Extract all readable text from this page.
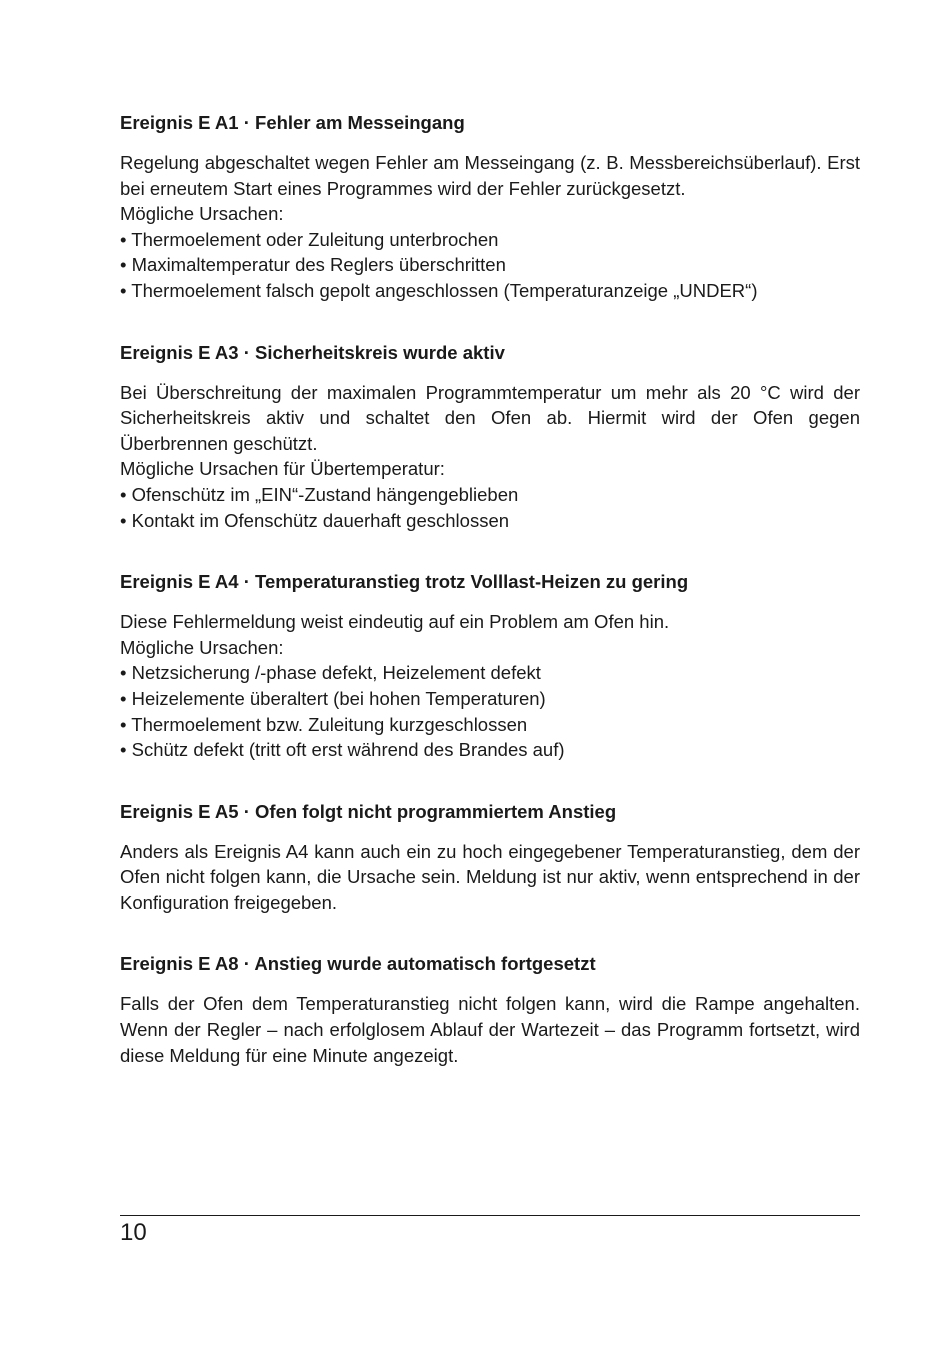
Ereignis E A1 · Fehler am Messeingang

Regelung abgeschaltet wegen Fehler am Messeingang (z. B. Messbereichsüberlauf). Erst bei erneutem Start eines Programmes wird der Fehler zurückgesetzt.

Mögliche Ursachen:

• Thermoelement oder Zuleitung unterbrochen
• Maximaltemperatur des Reglers überschritten
• Thermoelement falsch gepolt angeschlossen (Temperaturanzeige „UNDER“)
Ereignis E A3 · Sicherheitskreis wurde aktiv

Bei Überschreitung der maximalen Programmtemperatur um mehr als 20 °C wird der Sicherheitskreis aktiv und schaltet den Ofen ab. Hiermit wird der Ofen gegen Überbrennen geschützt.

Mögliche Ursachen für Übertemperatur:

• Ofenschütz im „EIN“-Zustand hängengeblieben
• Kontakt im Ofenschütz dauerhaft geschlossen
Ereignis E A4 · Temperaturanstieg trotz Volllast-Heizen zu gering

Diese Fehlermeldung weist eindeutig auf ein Problem am Ofen hin.

Mögliche Ursachen:

• Netzsicherung /-phase defekt, Heizelement defekt
• Heizelemente überaltert (bei hohen Temperaturen)
• Thermoelement bzw. Zuleitung kurzgeschlossen
• Schütz defekt (tritt oft erst während des Brandes auf)
Ereignis E A5 · Ofen folgt nicht programmiertem Anstieg

Anders als Ereignis A4 kann auch ein zu hoch eingegebener Temperaturanstieg, dem der Ofen nicht folgen kann, die Ursache sein. Meldung ist nur aktiv, wenn entsprechend in der Konfiguration freigegeben.

Ereignis E A8 · Anstieg wurde automatisch fortgesetzt

Falls der Ofen dem Temperaturanstieg nicht folgen kann, wird die Rampe angehalten. Wenn der Regler – nach erfolglosem Ablauf der Wartezeit – das Programm fortsetzt, wird diese Meldung für eine Minute angezeigt.

10
